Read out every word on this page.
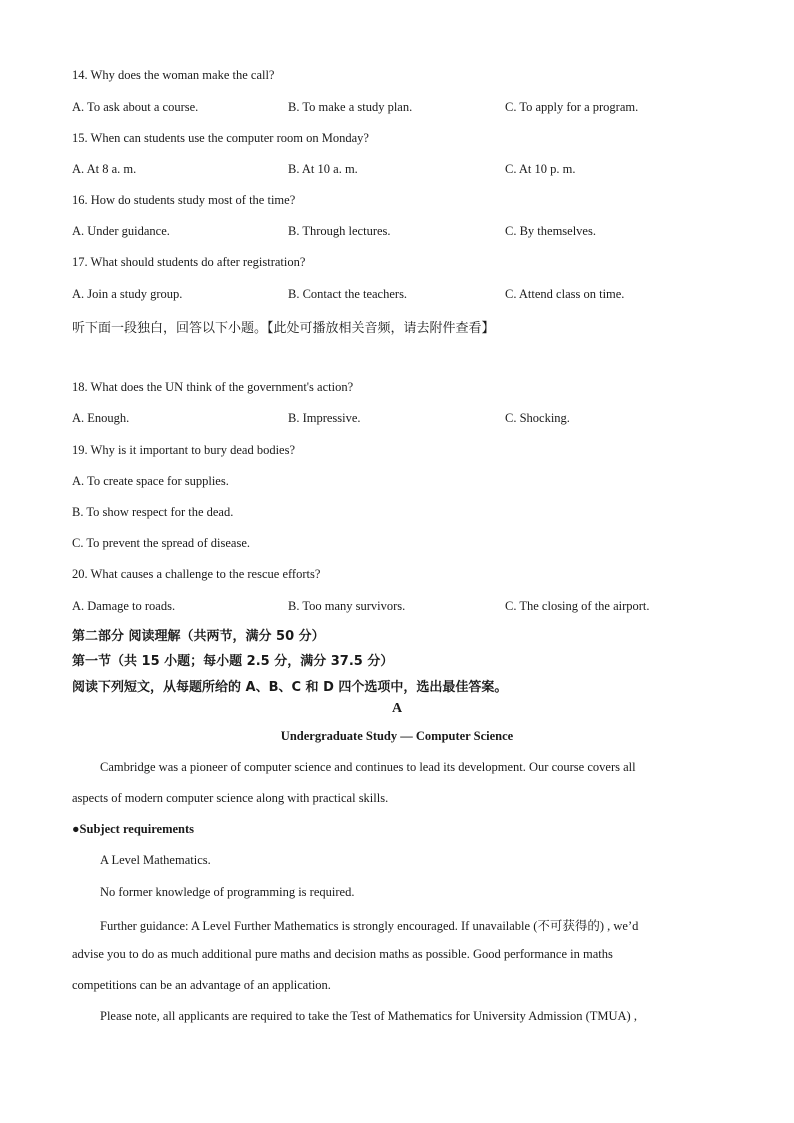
14. Why does the woman make the call?
A. To ask about a course.	B. To make a study plan.	C. To apply for a program.
15. When can students use the computer room on Monday?
A. At 8 a. m.	B. At 10 a. m.	C. At 10 p. m.
16. How do students study most of the time?
A. Under guidance.	B. Through lectures.	C. By themselves.
17. What should students do after registration?
A. Join a study group.	B. Contact the teachers.	C. Attend class on time.
听下面一段独白，回答以下小题。【此处可播放相关音频，请去附件查看】
18. What does the UN think of the government's action?
A. Enough.	B. Impressive.	C. Shocking.
19. Why is it important to bury dead bodies?
A. To create space for supplies.
B. To show respect for the dead.
C. To prevent the spread of disease.
20. What causes a challenge to the rescue efforts?
A. Damage to roads.	B. Too many survivors.	C. The closing of the airport.
第二部分 阅读理解（共两节，满分 50 分）
第一节（共 15 小题；每小题 2.5 分，满分 37.5 分）
阅读下列短文，从每题所给的 A、B、C 和 D 四个选项中，选出最佳答案。
A
Undergraduate Study — Computer Science
Cambridge was a pioneer of computer science and continues to lead its development. Our course covers all
aspects of modern computer science along with practical skills.
●Subject requirements
A Level Mathematics.
No former knowledge of programming is required.
Further guidance: A Level Further Mathematics is strongly encouraged. If unavailable (不可获得的) , we’d
advise you to do as much additional pure maths and decision maths as possible. Good performance in maths
competitions can be an advantage of an application.
Please note, all applicants are required to take the Test of Mathematics for University Admission (TMUA) ,
